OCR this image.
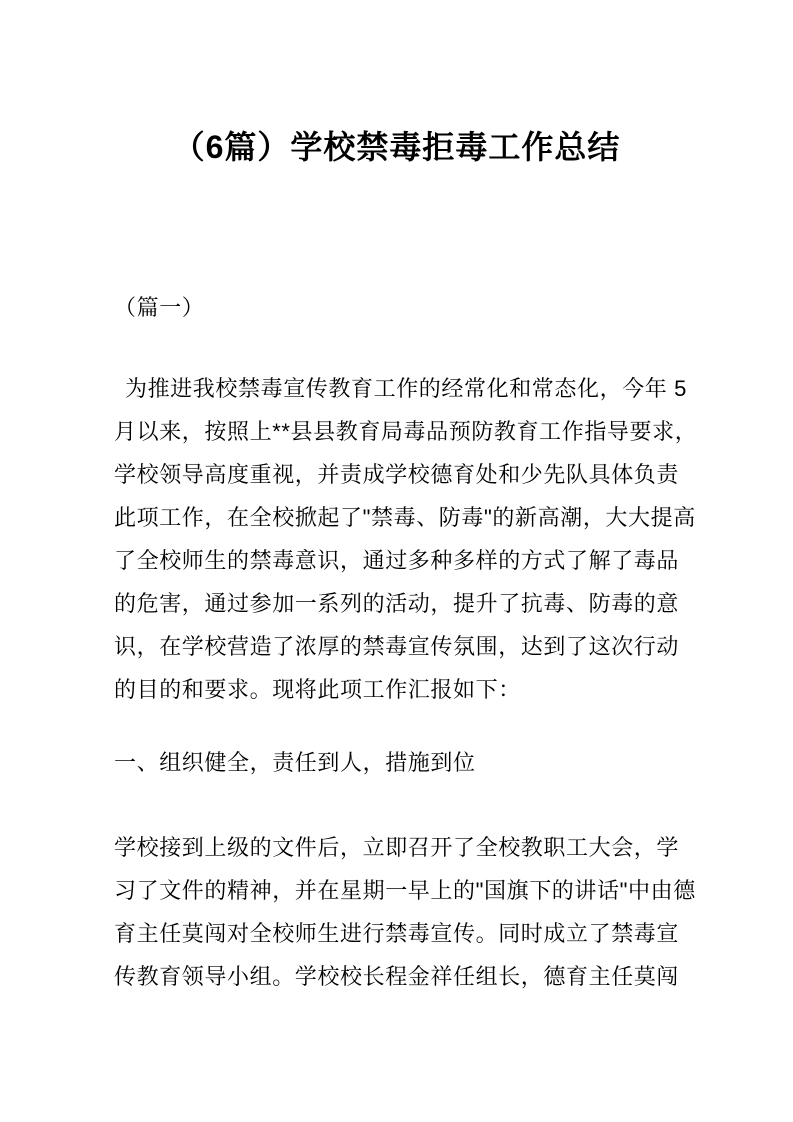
（6篇）学校禁毒拒毒工作总结
（篇一）
为推进我校禁毒宣传教育工作的经常化和常态化，今年 5
月以来，按照上**县县教育局毒品预防教育工作指导要求，
学校领导高度重视，并责成学校德育处和少先队具体负责
此项工作，在全校掀起了"禁毒、防毒"的新高潮，大大提高
了全校师生的禁毒意识，通过多种多样的方式了解了毒品
的危害，通过参加一系列的活动，提升了抗毒、防毒的意
识，在学校营造了浓厚的禁毒宣传氛围，达到了这次行动
的目的和要求。现将此项工作汇报如下：
一、组织健全，责任到人，措施到位
学校接到上级的文件后，立即召开了全校教职工大会，学
习了文件的精神，并在星期一早上的"国旗下的讲话"中由德
育主任莫闯对全校师生进行禁毒宣传。同时成立了禁毒宣
传教育领导小组。学校校长程金祥任组长，德育主任莫闯
